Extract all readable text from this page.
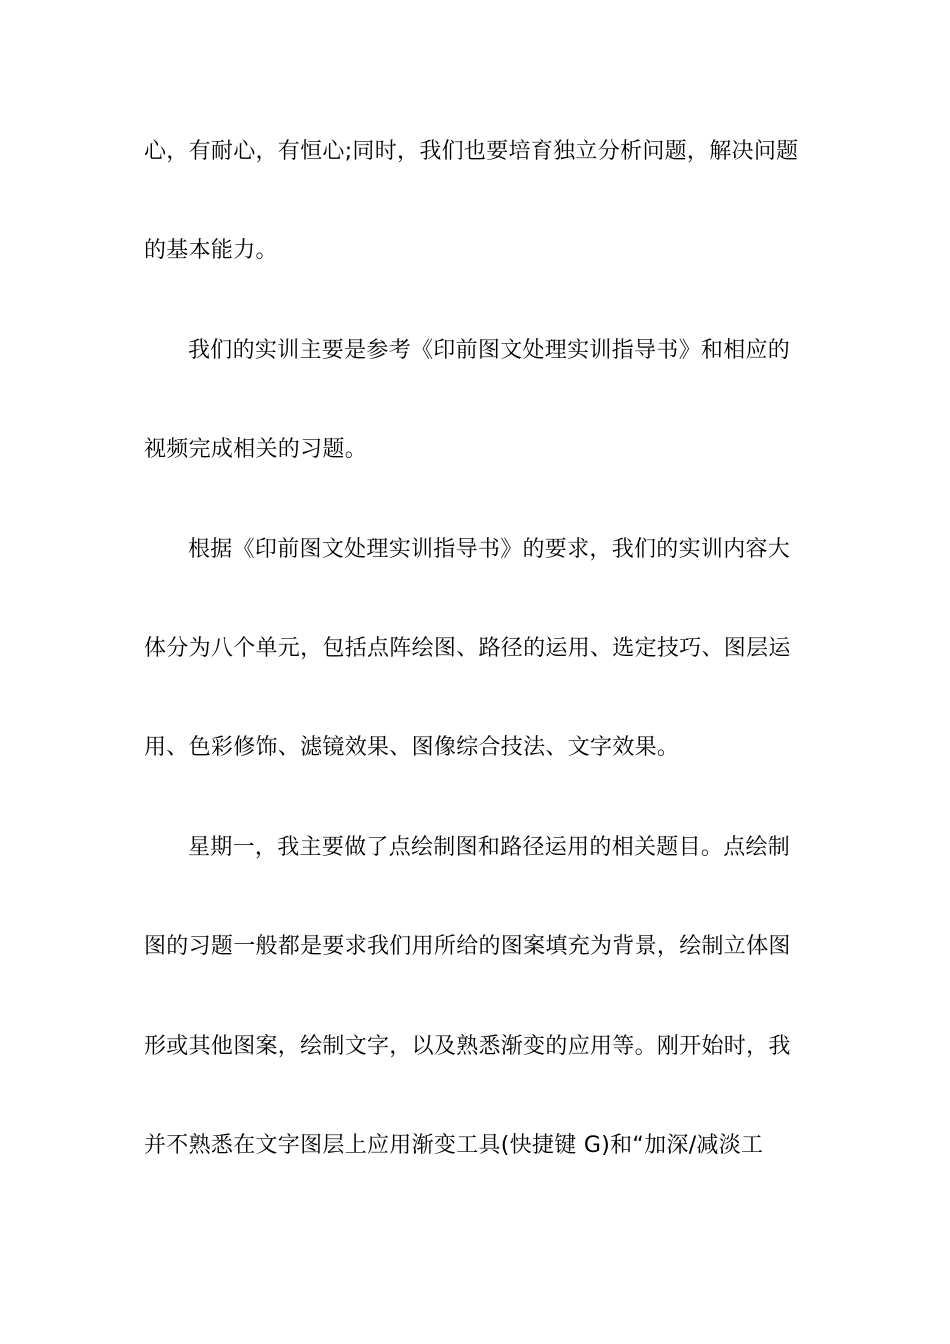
心，有耐心，有恒心;同时，我们也要培育独立分析问题，解决问题
的基本能力。
我们的实训主要是参考《印前图文处理实训指导书》和相应的
视频完成相关的习题。
根据《印前图文处理实训指导书》的要求，我们的实训内容大
体分为八个单元，包括点阵绘图、路径的运用、选定技巧、图层运
用、色彩修饰、滤镜效果、图像综合技法、文字效果。
星期一，我主要做了点绘制图和路径运用的相关题目。点绘制
图的习题一般都是要求我们用所给的图案填充为背景，绘制立体图
形或其他图案，绘制文字，以及熟悉渐变的应用等。刚开始时，我
并不熟悉在文字图层上应用渐变工具(快捷键 G)和“加深/减淡工
